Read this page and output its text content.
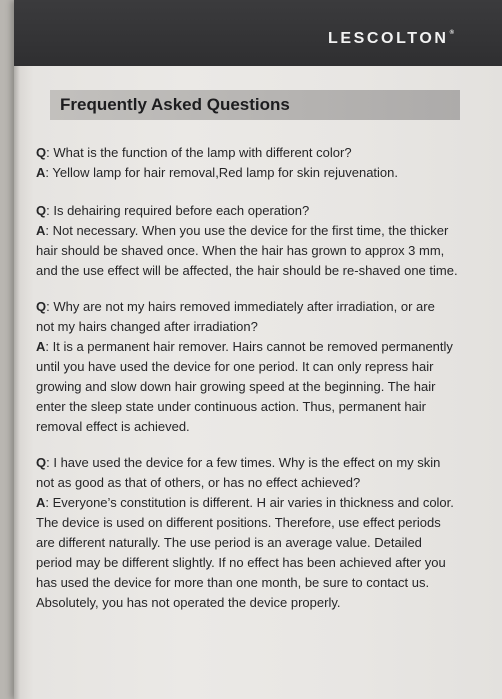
LESCOLTON®
Frequently Asked Questions
Q: What is the function of the lamp with different color?
A: Yellow lamp for hair removal,Red lamp for skin rejuvenation.
Q: Is dehairing required before each operation?
A: Not necessary. When you use the device for the first time, the thicker
hair should be shaved once. When the hair has grown to approx 3 mm,
and the use effect will be affected, the hair should be re-shaved one time.
Q: Why are not my hairs removed immediately after irradiation, or are
not my hairs changed after irradiation?
A: It is a permanent hair remover. Hairs cannot be removed permanently
until you have used the device for one period. It can only repress hair
growing and slow down hair growing speed at the beginning. The hair
enter the sleep state under continuous action. Thus, permanent hair
removal effect is achieved.
Q: I have used the device for a few times. Why is the effect on my skin
not as good as that of others, or has no effect achieved?
A: Everyone’s constitution is different. H air varies in thickness and color.
The device is used on different positions. Therefore, use effect periods
are different naturally. The use period is an average value. Detailed
period may be different slightly. If no effect has been achieved after you
has used the device for more than one month, be sure to contact us.
Absolutely, you has not operated the device properly.
